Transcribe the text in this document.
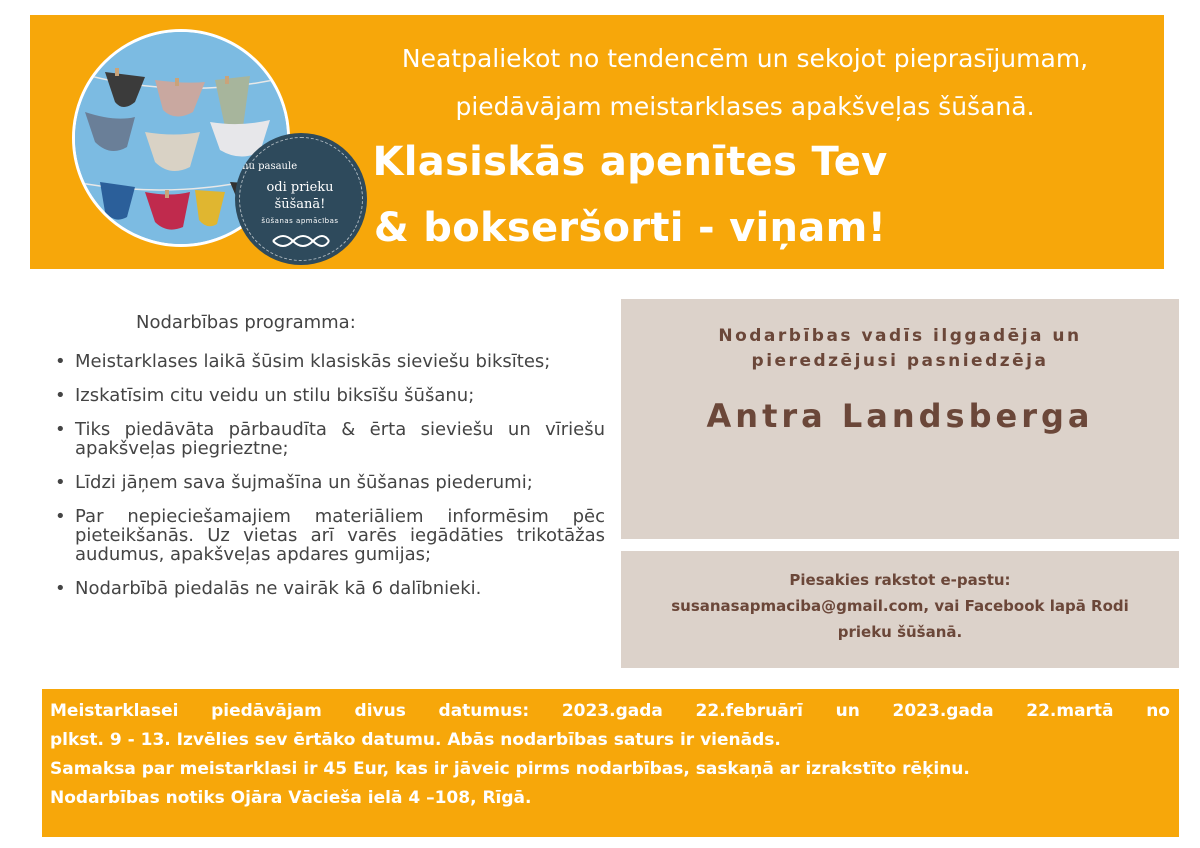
mu pasaule
odi prieku
šūšanā!
šūšanas apmācības
Neatpaliekot no tendencēm un sekojot pieprasījumam,
piedāvājam meistarklases apakšveļas šūšanā.
Klasiskās apenītes Tev
& bokseršorti - viņam!
Nodarbības programma:
• Meistarklases laikā šūsim klasiskās sieviešu biksītes;
• Izskatīsim citu veidu un stilu biksīšu šūšanu;
• Tiks piedāvāta pārbaudīta & ērta sieviešu un vīriešu apakšveļas piegrieztne;
• Līdzi jāņem sava šujmašīna un šūšanas piederumi;
• Par nepieciešamajiem materiāliem informēsim pēc pieteikšanās. Uz vietas arī varēs iegādāties trikotāžas audumus, apakšveļas apdares gumijas;
• Nodarbībā piedalās ne vairāk kā 6 dalībnieki.
Nodarbības vadīs ilggadēja un
pieredzējusi pasniedzēja
Antra Landsberga
Piesakies rakstot e-pastu:
susanasapmaciba@gmail.com, vai Facebook lapā Rodi
prieku šūšanā.
Meistarklasei piedāvājam divus datumus: 2023.gada 22.februārī un 2023.gada 22.martā no
plkst. 9 - 13. Izvēlies sev ērtāko datumu. Abās nodarbības saturs ir vienāds.
Samaksa par meistarklasi ir 45 Eur, kas ir jāveic pirms nodarbības, saskaņā ar izrakstīto rēķinu.
Nodarbības notiks Ojāra Vācieša ielā 4 –108, Rīgā.
